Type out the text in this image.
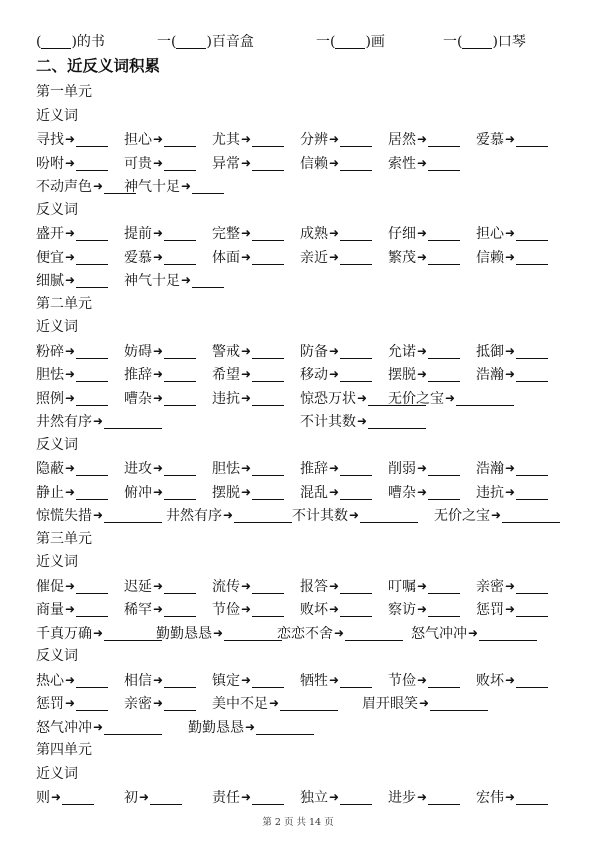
( )的书	一( )百音盒	一( )画	一( )口琴
二、近反义词积累
第一单元
近义词
寻找➜	担心➜	尤其➜	分辨➜	居然➜	爱慕➜
吩咐➜	可贵➜	异常➜	信赖➜	索性➜
不动声色➜	神气十足➜
反义词
盛开➜	提前➜	完整➜	成熟➜	仔细➜	担心➜
便宜➜	爱慕➜	体面➜	亲近➜	繁茂➜	信赖➜
细腻➜	神气十足➜
第二单元
近义词
粉碎➜	妨碍➜	警戒➜	防备➜	允诺➜	抵御➜
胆怯➜	推辞➜	希望➜	移动➜	摆脱➜	浩瀚➜
照例➜	嘈杂➜	违抗➜	惊恐万状➜	无价之宝➜
井然有序➜	不计其数➜
反义词
隐蔽➜	进攻➜	胆怯➜	推辞➜	削弱➜	浩瀚➜
静止➜	俯冲➜	摆脱➜	混乱➜	嘈杂➜	违抗➜
惊慌失措➜	井然有序➜	不计其数➜	无价之宝➜
第三单元
近义词
催促➜	迟延➜	流传➜	报答➜	叮嘱➜	亲密➜
商量➜	稀罕➜	节俭➜	败坏➜	察访➜	惩罚➜
千真万确➜	勤勤恳恳➜	恋恋不舍➜	怒气冲冲➜
反义词
热心➜	相信➜	镇定➜	牺牲➜	节俭➜	败坏➜
惩罚➜	亲密➜	美中不足➜	眉开眼笑➜
怒气冲冲➜	勤勤恳恳➜
第四单元
近义词
则➜	初➜	责任➜	独立➜	进步➜	宏伟➜
第 2 页 共 14 页
